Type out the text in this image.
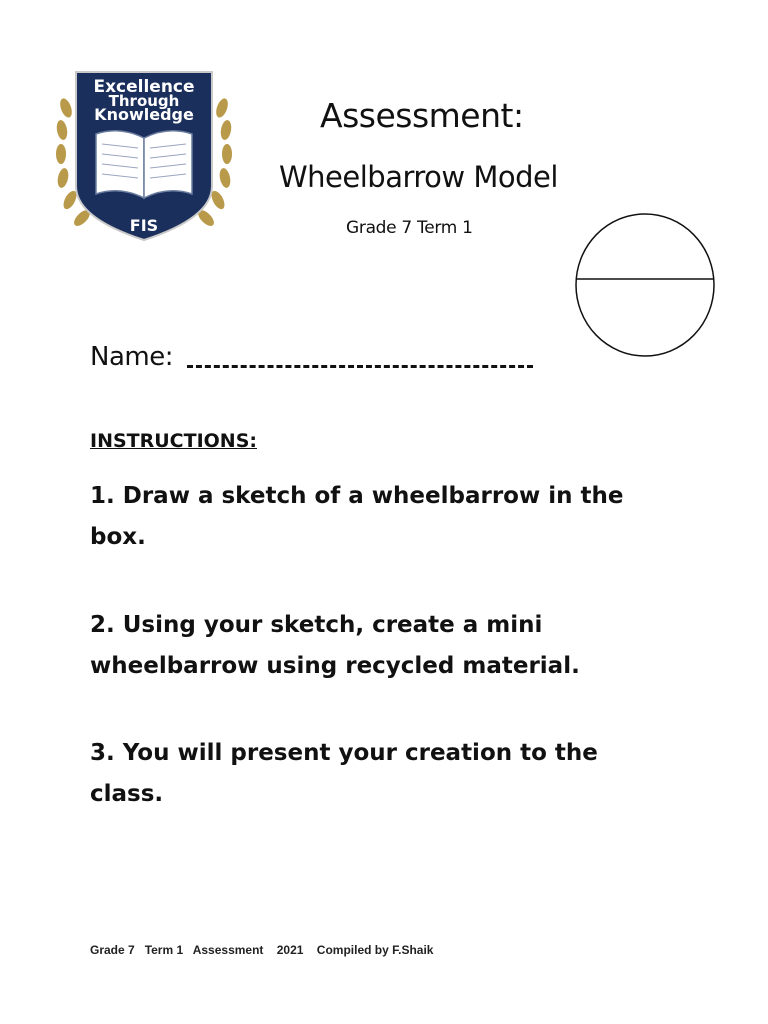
Excellence
Through
Knowledge
FIS
Assessment:
Wheelbarrow Model
Grade 7 Term 1
Name:
INSTRUCTIONS:
1. Draw a sketch of a wheelbarrow in the box.
2. Using your sketch, create a mini wheelbarrow using recycled material.
3. You will present your creation to the class.
Grade 7   Term 1   Assessment    2021    Compiled by F.Shaik
